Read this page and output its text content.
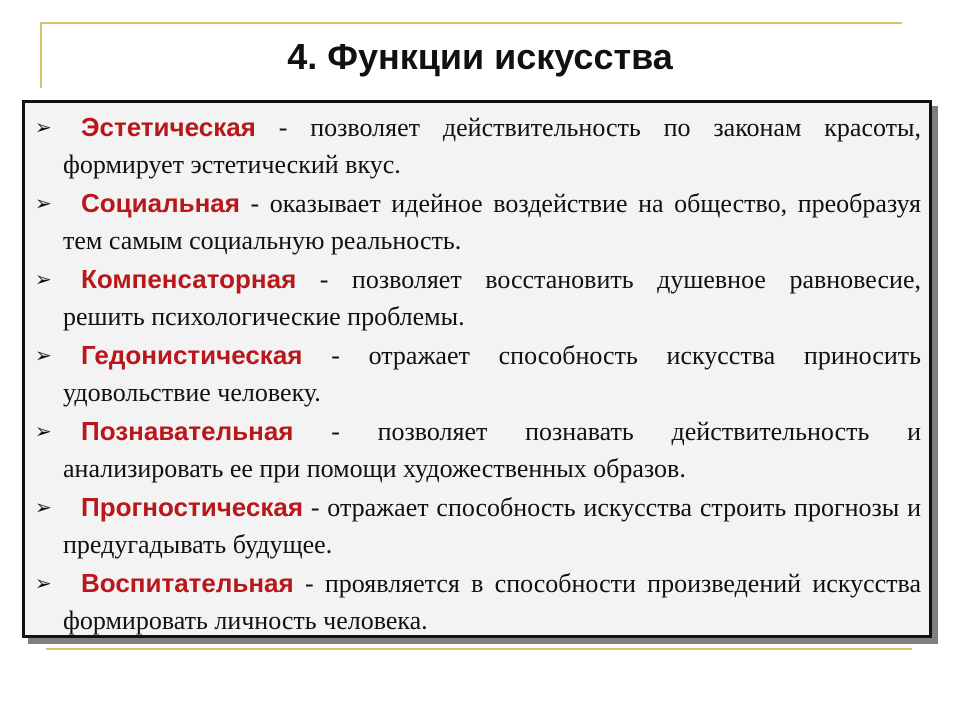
4. Функции искусства
➢	Эстетическая - позволяет действительность по законам красоты, формирует эстетический вкус.
➢	Социальная - оказывает идейное воздействие на общество, преобразуя тем самым социальную реальность.
➢	Компенсаторная - позволяет восстановить душевное равновесие, решить психологические проблемы.
➢	Гедонистическая - отражает способность искусства приносить удовольствие человеку.
➢	Познавательная - позволяет познавать действительность и анализировать ее при помощи художественных образов.
➢	Прогностическая - отражает способность искусства строить прогнозы и предугадывать будущее.
➢	Воспитательная - проявляется в способности произведений искусства формировать личность человека.
